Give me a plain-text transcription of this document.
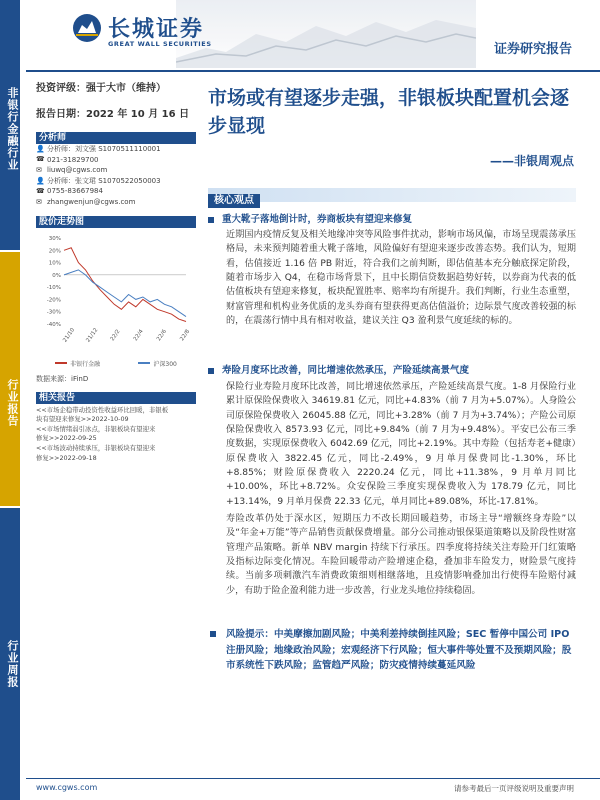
非银行金融行业
行业报告
行业周报
长城证券
GREAT WALL SECURITIES	证券研究报告
投资评级：强于大市（维持）
报告日期：2022 年 10 月 16 日
分析师
👤 分析师：刘文强 S1070511110001
☎ 021-31829700
✉ liuwq@cgws.com
👤 分析师：张文珺 S1070522050003
☎ 0755-83667984
✉ zhangwenjun@cgws.com
股价走势图
30%
20%
10%
0%
-10%
-20%
-30%
-40%
21/10 21/12 22/2 22/4 22/6 22/8
非银行金融	沪深300
数据来源：iFinD
相关报告
<<市场企稳带动投资性收益环比回暖，非银板
块有望迎来修复>>2022-10-09
<<市场情绪弱引冰点，非银板块有望迎来
修复>>2022-09-25
<<市场波动持续承压，非银板块有望迎来
修复>>2022-09-18
市场或有望逐步走强，非银板块配置机会逐步显现
——非银周观点
核心观点
重大靴子落地倒计时，券商板块有望迎来修复
近期国内疫情反复及相关地缘冲突等风险事件扰动，影响市场风偏，市场呈现震荡承压格局，未来预判随着重大靴子落地，风险偏好有望迎来逐步改善态势。我们认为，短期看，估值接近 1.16 倍 PB 附近，符合我们之前判断，即估值基本充分触底探定阶段，随着市场步入 Q4，在稳市场背景下，且中长期信贷数据趋势好转，以券商为代表的低估值板块有望迎来修复，板块配置胜率、赔率均有所提升。我们判断，行业生态重塑，财富管理和机构业务优质的龙头券商有望获得更高估值溢价；边际景气度改善较强的标的，在震荡行情中具有相对收益，建议关注 Q3 盈利景气度延续的标的。
寿险月度环比改善，同比增速依然承压，产险延续高景气度
保险行业寿险月度环比改善，同比增速依然承压，产险延续高景气度。1-8 月保险行业累计原保险保费收入 34619.81 亿元，同比+4.83%（前 7 月为+5.07%）。人身险公司原保险保费收入 26045.88 亿元，同比+3.28%（前 7 月为+3.74%）；产险公司原保险保费收入 8573.93 亿元，同比+9.84%（前 7 月为+9.48%）。平安已公布三季度数据，实现原保费收入 6042.69 亿元，同比+2.19%。其中寿险（包括寿老+健康）原保费收入 3822.45 亿元，同比-2.49%，9 月单月保费同比-1.30%，环比+8.85%；财险原保费收入 2220.24 亿元，同比+11.38%，9 月单月同比+10.00%，环比+8.72%。众安保险三季度实现保费收入为 178.79 亿元，同比+13.14%，9 月单月保费 22.33 亿元，单月同比+89.08%，环比-17.81%。
寿险改革仍处于深水区，短期压力不改长期回暖趋势，市场主导“增额终身寿险”以及“年金+万能”等产品销售贡献保费增量。部分公司推动银保渠道策略以及阶段性财富管理产品策略。新单 NBV margin 持续下行承压。四季度将持续关注寿险开门红策略及指标边际变化情况。车险回暖带动产险增速企稳，叠加非车险发力，财险景气度持续。当前多项刺激汽车消费政策细则相继落地，且疫情影响叠加出行使得车险赔付减少，有助于险企盈利能力进一步改善，行业龙头地位持续稳固。
风险提示：中美摩擦加剧风险；中美利差持续倒挂风险；SEC 暂停中国公司 IPO 注册风险；地缘政治风险；宏观经济下行风险；恒大事件等处置不及预期风险；股市系统性下跌风险；监管趋严风险；防灾疫情持续蔓延风险
www.cgws.com	请参考最后一页评级说明及重要声明
